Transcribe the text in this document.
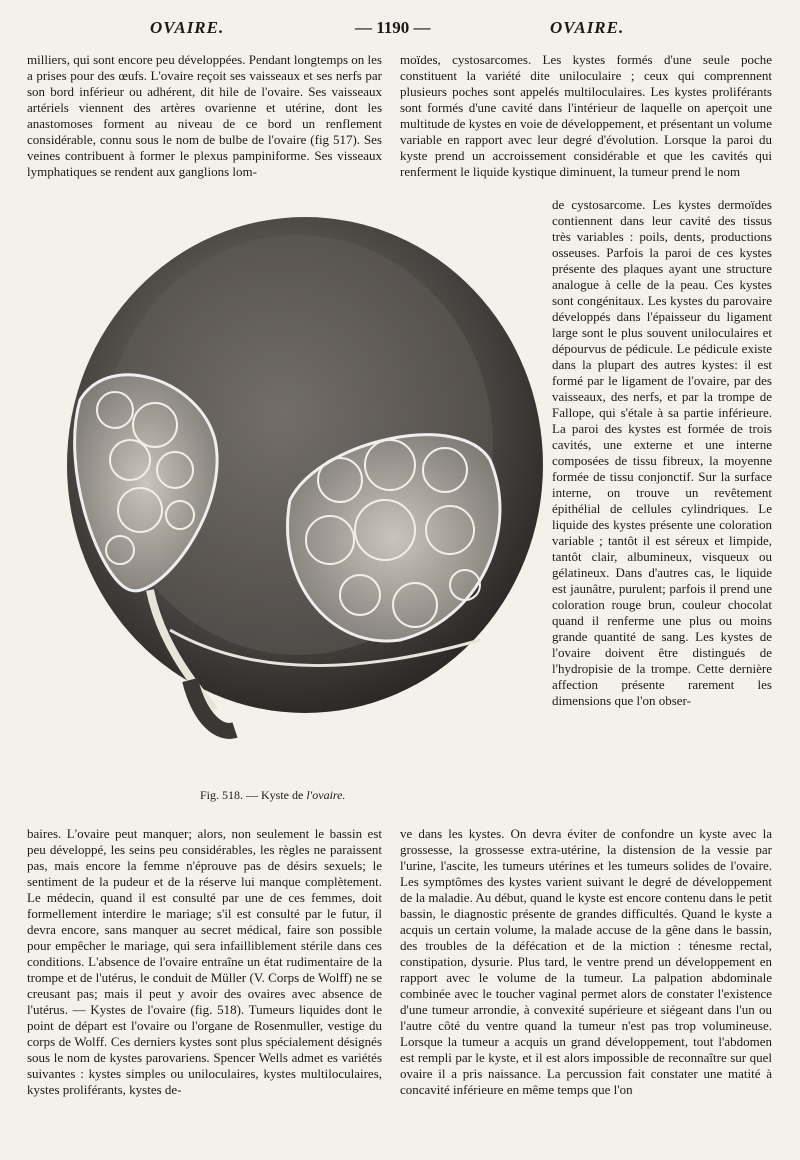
OVAIRE.	— 1190 —	OVAIRE.

milliers, qui sont encore peu développées. Pendant longtemps on les a prises pour des œufs. L'ovaire reçoit ses vaisseaux et ses nerfs par son bord inférieur ou adhérent, dit hile de l'ovaire. Ses vaisseaux artériels viennent des artères ovarienne et utérine, dont les anastomoses forment au niveau de ce bord un renflement considérable, connu sous le nom de bulbe de l'ovaire (fig 517). Ses veines contribuent à former le plexus pampiniforme. Ses visseaux lymphatiques se rendent aux ganglions lom-

moïdes, cystosarcomes. Les kystes formés d'une seule poche constituent la variété dite uniloculaire ; ceux qui comprennent plusieurs poches sont appelés multiloculaires. Les kystes proliférants sont formés d'une cavité dans l'intérieur de laquelle on aperçoit une multitude de kystes en voie de développement, et présentant un volume variable en rapport avec leur degré d'évolution. Lorsque la paroi du kyste prend un accroissement considérable et que les cavités qui renferment le liquide kystique diminuent, la tumeur prend le nom

de cystosarcome. Les kystes dermoïdes contiennent dans leur cavité des tissus très variables : poils, dents, productions osseuses. Parfois la paroi de ces kystes présente des plaques ayant une structure analogue à celle de la peau. Ces kystes sont congénitaux. Les kystes du parovaire développés dans l'épaisseur du ligament large sont le plus souvent uniloculaires et dépourvus de pédicule. Le pédicule existe dans la plupart des autres kystes: il est formé par le ligament de l'ovaire, par des vaisseaux, des nerfs, et par la trompe de Fallope, qui s'étale à sa partie inférieure. La paroi des kystes est formée de trois cavités, une externe et une interne composées de tissu fibreux, la moyenne formée de tissu conjonctif. Sur la surface interne, on trouve un revêtement épithélial de cellules cylindriques. Le liquide des kystes présente une coloration variable ; tantôt il est séreux et limpide, tantôt clair, albumineux, visqueux ou gélatineux. Dans d'autres cas, le liquide est jaunâtre, purulent; parfois il prend une coloration rouge brun, couleur chocolat quand il renferme une plus ou moins grande quantité de sang. Les kystes de l'ovaire doivent être distingués de l'hydropisie de la trompe. Cette dernière affection présente rarement les dimensions que l'on obser-

Fig. 518. — Kyste de l'ovaire.

baires. L'ovaire peut manquer; alors, non seulement le bassin est peu développé, les seins peu considérables, les règles ne paraissent pas, mais encore la femme n'éprouve pas de désirs sexuels; le sentiment de la pudeur et de la réserve lui manque complètement. Le médecin, quand il est consulté par une de ces femmes, doit formellement interdire le mariage; s'il est consulté par le futur, il devra encore, sans manquer au secret médical, faire son possible pour empêcher le mariage, qui sera infailliblement stérile dans ces conditions. L'absence de l'ovaire entraîne un état rudimentaire de la trompe et de l'utérus, le conduit de Müller (V. Corps de Wolff) ne se creusant pas; mais il peut y avoir des ovaires avec absence de l'utérus. — Kystes de l'ovaire (fig. 518). Tumeurs liquides dont le point de départ est l'ovaire ou l'organe de Rosenmuller, vestige du corps de Wolff. Ces derniers kystes sont plus spécialement désignés sous le nom de kystes parovariens. Spencer Wells admet es variétés suivantes : kystes simples ou uniloculaires, kystes multiloculaires, kystes proliférants, kystes de-

ve dans les kystes. On devra éviter de confondre un kyste avec la grossesse, la grossesse extra-utérine, la distension de la vessie par l'urine, l'ascite, les tumeurs utérines et les tumeurs solides de l'ovaire. Les symptômes des kystes varient suivant le degré de développement de la maladie. Au début, quand le kyste est encore contenu dans le petit bassin, le diagnostic présente de grandes difficultés. Quand le kyste a acquis un certain volume, la malade accuse de la gêne dans le bassin, des troubles de la défécation et de la miction : ténesme rectal, constipation, dysurie. Plus tard, le ventre prend un développement en rapport avec le volume de la tumeur. La palpation abdominale combinée avec le toucher vaginal permet alors de constater l'existence d'une tumeur arrondie, à convexité supérieure et siégeant dans l'un ou l'autre côté du ventre quand la tumeur n'est pas trop volumineuse. Lorsque la tumeur a acquis un grand développement, tout l'abdomen est rempli par le kyste, et il est alors impossible de reconnaître sur quel ovaire il a pris naissance. La percussion fait constater une matité à concavité inférieure en même temps que l'on
